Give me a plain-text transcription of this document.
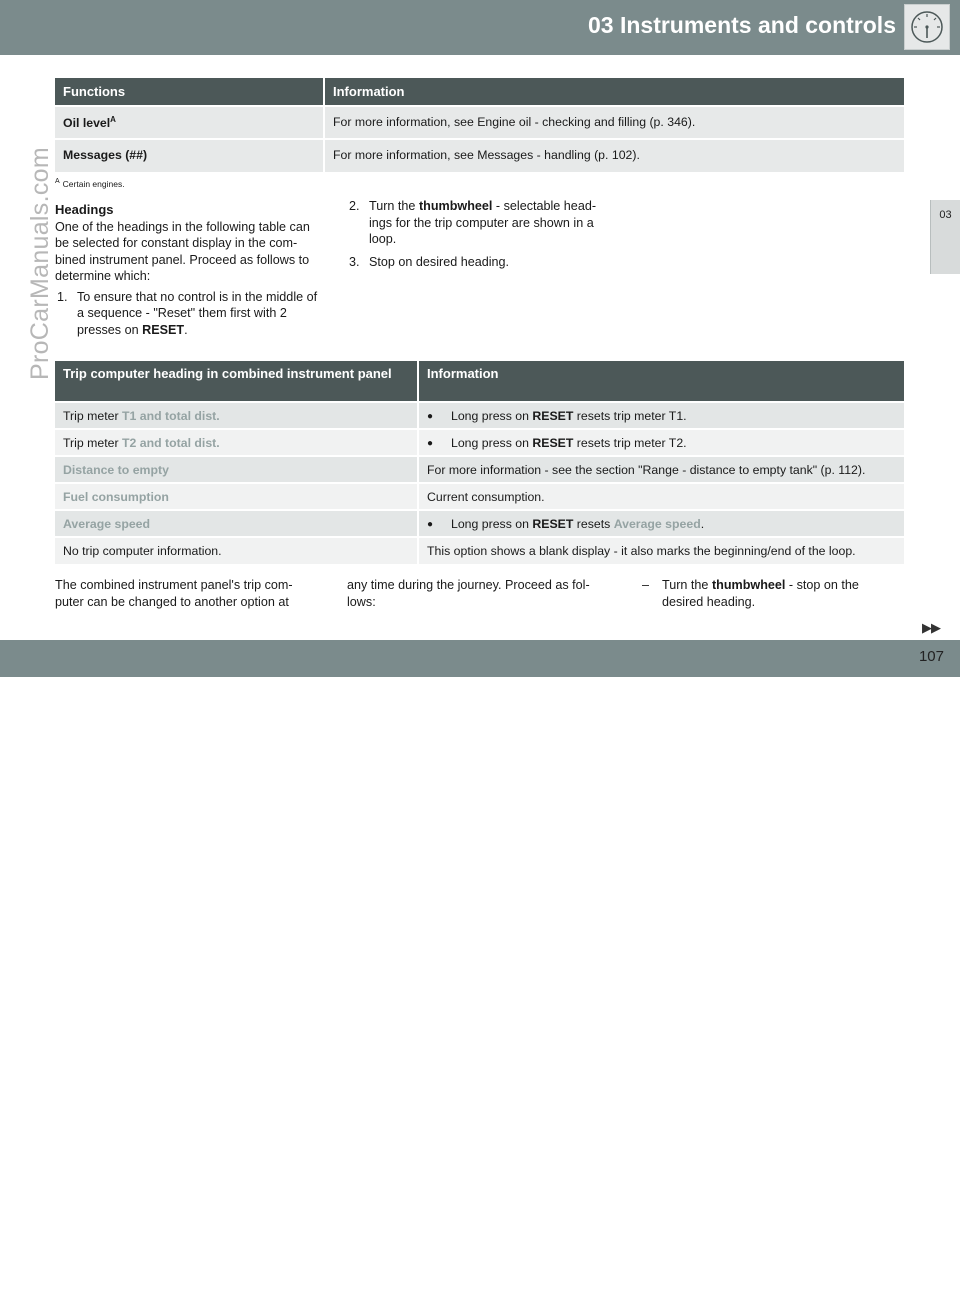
03 Instruments and controls
03
ProCarManuals.com
Functions	Information
Oil level$^A$	For more information, see Engine oil - checking and filling (p. 346).
Messages (##)	For more information, see Messages - handling (p. 102).
$^A$ Certain engines.
Headings

One of the headings in the following table can be selected for constant display in the com-bined instrument panel. Proceed as follows to determine which:

1. To ensure that no control is in the middle of a sequence - "Reset" them first with 2 presses on RESET.
2. Turn the thumbwheel - selectable head-ings for the trip computer are shown in a loop.
3. Stop on desired heading.
Trip computer heading in combined instrument panel	Information
Trip meter T1 and total dist.	● Long press on RESET resets trip meter T1.
Trip meter T2 and total dist.	● Long press on RESET resets trip meter T2.
Distance to empty	For more information - see the section "Range - distance to empty tank" (p. 112).
Fuel consumption	Current consumption.
Average speed	● Long press on RESET resets Average speed.
No trip computer information.	This option shows a blank display - it also marks the beginning/end of the loop.

The combined instrument panel's trip com-puter can be changed to another option at

any time during the journey. Proceed as fol-lows:

– Turn the thumbwheel - stop on the desired heading.
▶▶
carmanualsonline.info
107
